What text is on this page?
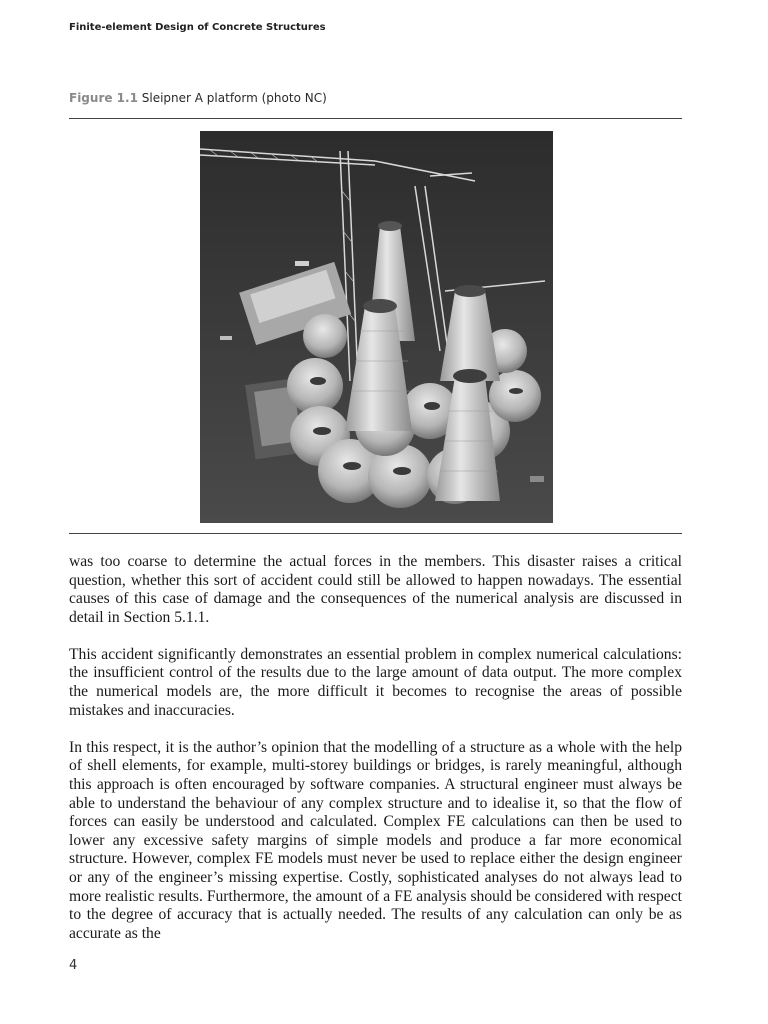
Finite-element Design of Concrete Structures
Figure 1.1 Sleipner A platform (photo NC)

was too coarse to determine the actual forces in the members. This disaster raises a critical question, whether this sort of accident could still be allowed to happen nowadays. The essential causes of this case of damage and the consequences of the numerical analysis are discussed in detail in Section 5.1.1.

This accident significantly demonstrates an essential problem in complex numerical calculations: the insufficient control of the results due to the large amount of data output. The more complex the numerical models are, the more difficult it becomes to recognise the areas of possible mistakes and inaccuracies.

In this respect, it is the author’s opinion that the modelling of a structure as a whole with the help of shell elements, for example, multi-storey buildings or bridges, is rarely meaningful, although this approach is often encouraged by software companies. A structural engineer must always be able to understand the behaviour of any complex structure and to idealise it, so that the flow of forces can easily be understood and calculated. Complex FE calculations can then be used to lower any excessive safety margins of simple models and produce a far more economical structure. However, complex FE models must never be used to replace either the design engineer or any of the engineer’s missing expertise. Costly, sophisticated analyses do not always lead to more realistic results. Furthermore, the amount of a FE analysis should be considered with respect to the degree of accuracy that is actually needed. The results of any calculation can only be as accurate as the

4
